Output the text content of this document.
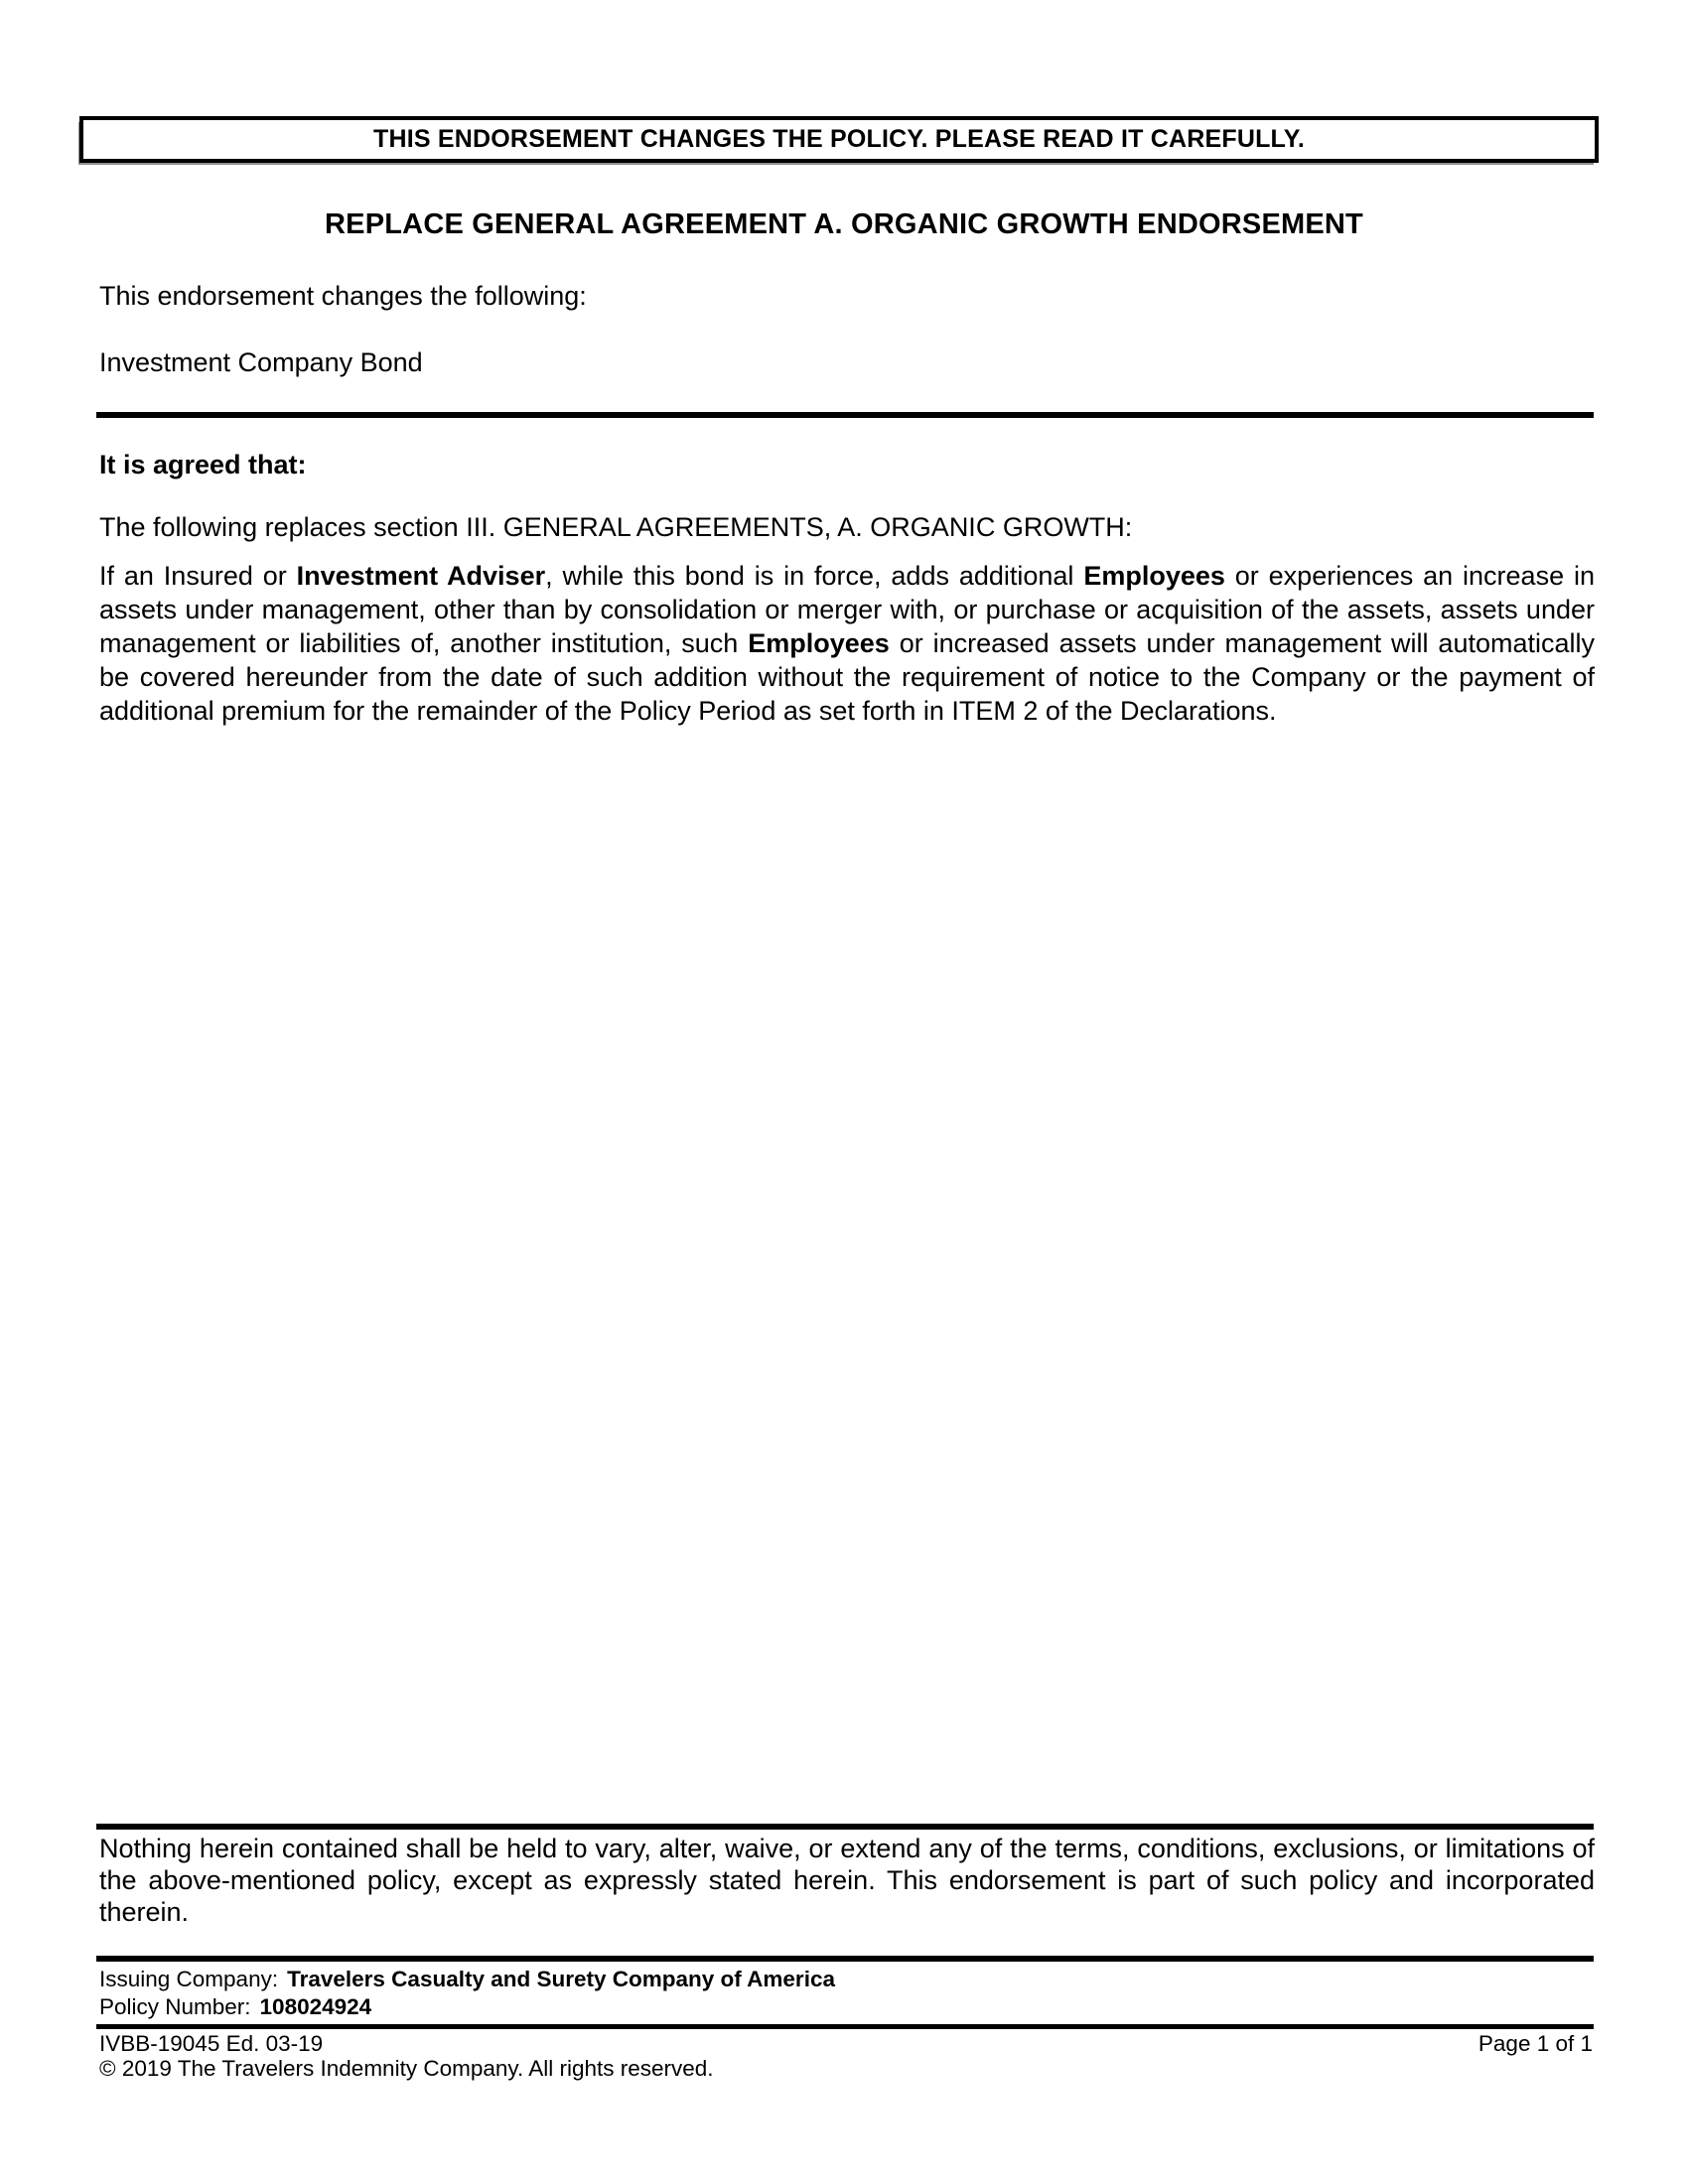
THIS ENDORSEMENT CHANGES THE POLICY. PLEASE READ IT CAREFULLY.
REPLACE GENERAL AGREEMENT A. ORGANIC GROWTH ENDORSEMENT
This endorsement changes the following:
Investment Company Bond
It is agreed that:
The following replaces section III. GENERAL AGREEMENTS, A. ORGANIC GROWTH:
If an Insured or Investment Adviser, while this bond is in force, adds additional Employees or experiences an increase in assets under management, other than by consolidation or merger with, or purchase or acquisition of the assets, assets under management or liabilities of, another institution, such Employees or increased assets under management will automatically be covered hereunder from the date of such addition without the requirement of notice to the Company or the payment of additional premium for the remainder of the Policy Period as set forth in ITEM 2 of the Declarations.
Nothing herein contained shall be held to vary, alter, waive, or extend any of the terms, conditions, exclusions, or limitations of the above-mentioned policy, except as expressly stated herein. This endorsement is part of such policy and incorporated therein.
Issuing Company: Travelers Casualty and Surety Company of America
Policy Number: 108024924
IVBB-19045 Ed. 03-19	Page 1 of 1
© 2019 The Travelers Indemnity Company. All rights reserved.
